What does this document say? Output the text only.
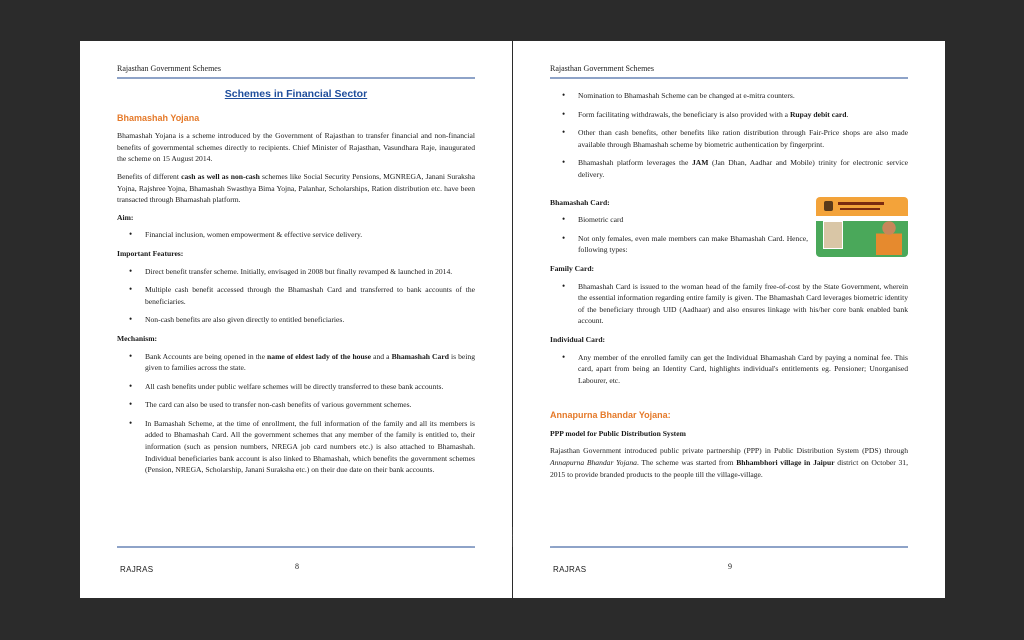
Rajasthan Government Schemes
Schemes in Financial Sector
Bhamashah Yojana

Bhamashah Yojana is a scheme introduced by the Government of Rajasthan to transfer financial and non-financial benefits of governmental schemes directly to recipients. Chief Minister of Rajasthan, Vasundhara Raje, inaugurated the scheme on 15 August 2014.

Benefits of different cash as well as non-cash schemes like Social Security Pensions, MGNREGA, Janani Suraksha Yojna, Rajshree Yojna, Bhamashah Swasthya Bima Yojna, Palanhar, Scholarships, Ration distribution etc. have been transacted through Bhamashah platform.

Aim:
• Financial inclusion, women empowerment & effective service delivery.
Important Features:
• Direct benefit transfer scheme. Initially, envisaged in 2008 but finally revamped & launched in 2014.
• Multiple cash benefit accessed through the Bhamashah Card and transferred to bank accounts of the beneficiaries.
• Non-cash benefits are also given directly to entitled beneficiaries.
Mechanism:
• Bank Accounts are being opened in the name of eldest lady of the house and a Bhamashah Card is being given to families across the state.
• All cash benefits under public welfare schemes will be directly transferred to these bank accounts.
• The card can also be used to transfer non-cash benefits of various government schemes.
• In Bamashah Scheme, at the time of enrollment, the full information of the family and all its members is added to Bhamashah Card. All the government schemes that any member of the family is entitled to, their information (such as pension numbers, NREGA job card numbers etc.) is also attached to Bhamashah. Individual beneficiaries bank account is also linked to Bhamashah, which benefits the government schemes (Pension, NREGA, Scholarship, Janani Suraksha etc.) on their due date on their bank accounts.
RAJRAS	8
Rajasthan Government Schemes
• Nomination to Bhamashah Scheme can be changed at e-mitra counters.
• Form facilitating withdrawals, the beneficiary is also provided with a Rupay debit card.
• Other than cash benefits, other benefits like ration distribution through Fair-Price shops are also made available through Bhamashah scheme by biometric authentication by fingerprint.
• Bhamashah platform leverages the JAM (Jan Dhan, Aadhar and Mobile) trinity for electronic service delivery.
Bhamashah Card:
• Biometric card
• Not only females, even male members can make Bhamashah Card. Hence, following types:
Family Card:
• Bhamashah Card is issued to the woman head of the family free-of-cost by the State Government, wherein the essential information regarding entire family is given. The Bhamashah Card leverages biometric identity of the beneficiary through UID (Aadhaar) and also ensures linkage with his/her core bank enabled bank account.
Individual Card:
• Any member of the enrolled family can get the Individual Bhamashah Card by paying a nominal fee. This card, apart from being an Identity Card, highlights individual's entitlements eg. Pensioner; Unorganised Labourer, etc.
Annapurna Bhandar Yojana:
PPP model for Public Distribution System

Rajasthan Government introduced public private partnership (PPP) in Public Distribution System (PDS) through Annapurna Bhandar Yojana. The scheme was started from Bhhambhori village in Jaipur district on October 31, 2015 to provide branded products to the people till the village-village.

RAJRAS	9
Page 10 of 42
